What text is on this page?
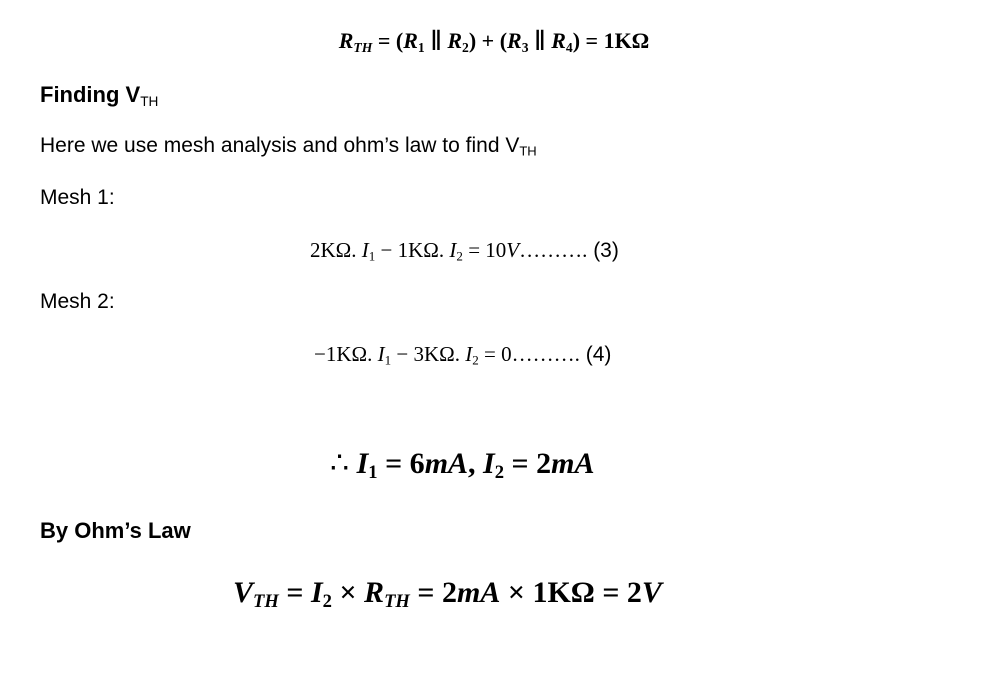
$R_{TH} = (R_1$ ∥ $R_2) + (R_3$ ∥ $R_4) = 1K\Omega$
Finding $V_{TH}$
Here we use mesh analysis and ohm’s law to find $V_{TH}$
Mesh 1:
2KΩ. $I_1 - 1K\Omega$. $I_2$ = 10V………. (3)
Mesh 2:
−1KΩ. $I_1 - 3K\Omega$. $I_2$ = 0………. (4)
∴ $I_1 = 6mA$, $I_2 = 2mA$
By Ohm’s Law
$V_{TH} = I_2 \times R_{TH} = 2mA \times 1K\Omega = 2V$
